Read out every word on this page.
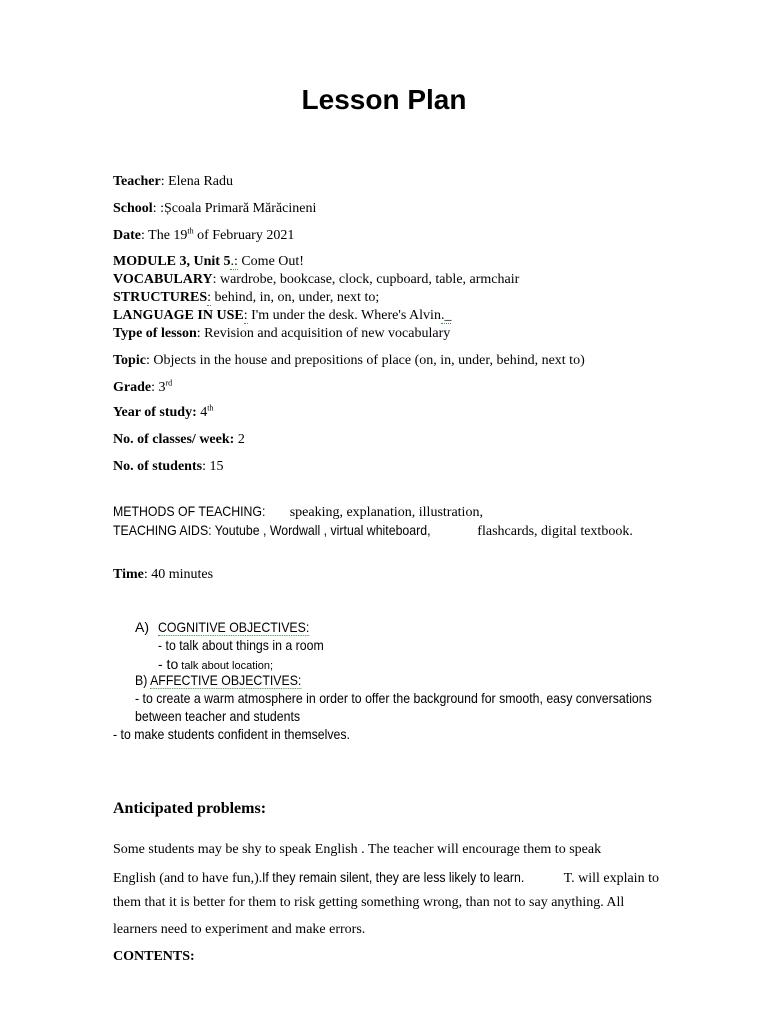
Lesson Plan
Teacher: Elena Radu
School: :Școala Primară Mărăcineni
Date: The 19th of February 2021
MODULE 3, Unit 5.: Come Out!
VOCABULARY: wardrobe, bookcase, clock, cupboard, table, armchair
STRUCTURES: behind, in, on, under, next to;
LANGUAGE IN USE: I'm under the desk. Where's Alvin._
Type of lesson: Revision and acquisition of new vocabulary
Topic: Objects in the house and prepositions of place (on, in, under, behind, next to)
Grade: 3rd
Year of study: 4th
No. of classes/ week: 2
No. of students: 15
METHODS OF TEACHING: speaking, explanation, illustration,
TEACHING AIDS: Youtube , Wordwall , virtual whiteboard,	flashcards, digital textbook.
Time: 40 minutes
A) COGNITIVE OBJECTIVES:
- to talk about things in a room
- to talk about location;
B) AFFECTIVE OBJECTIVES:
- to create a warm atmosphere in order to offer the background for smooth, easy conversations
between teacher and students
- to make students confident in themselves.
Anticipated problems:
Some students may be shy to speak English . The teacher will encourage them to speak
English (and to have fun,).If they remain silent, they are less likely to learn.	T. will explain to
them that it is better for them to risk getting something wrong, than not to say anything. All
learners need to experiment and make errors.
CONTENTS:
